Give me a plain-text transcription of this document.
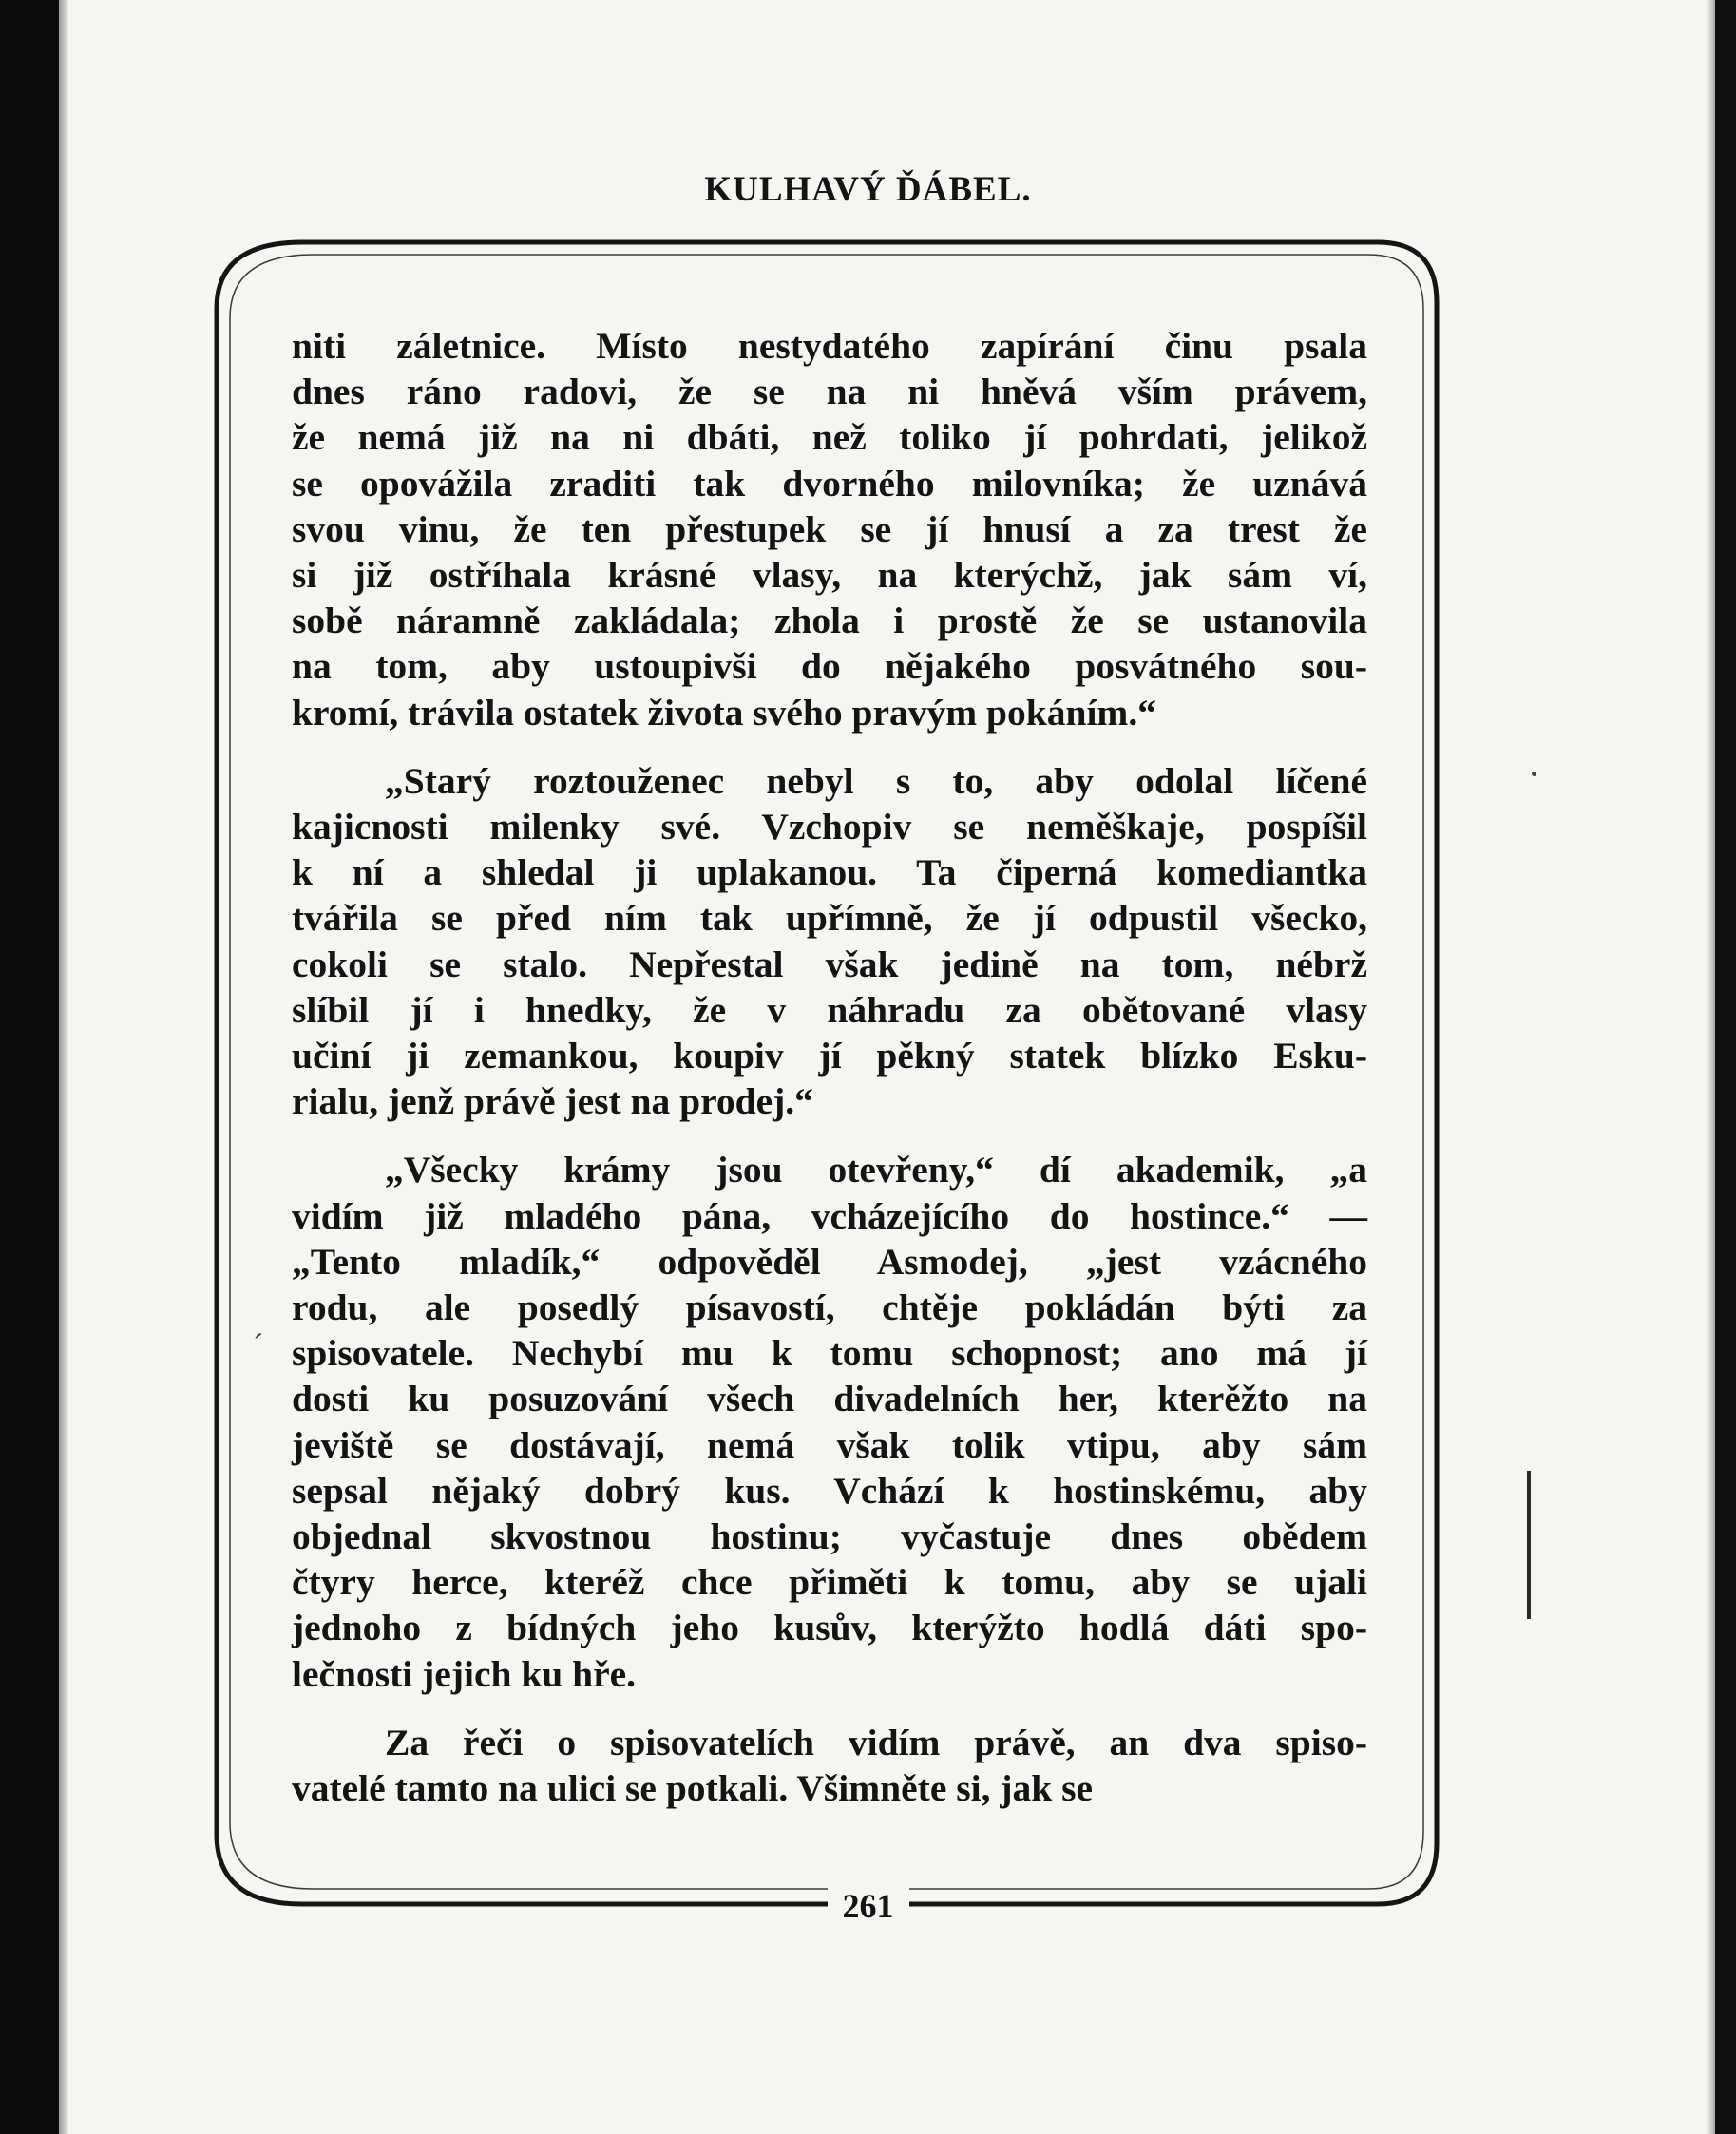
KULHAVÝ ĎÁBEL.
niti záletnice. Místo nestydatého zapírání činu psala
dnes ráno radovi, že se na ni hněvá vším právem,
že nemá již na ni dbáti, než toliko jí pohrdati, jelikož
se opovážila zraditi tak dvorného milovníka; že uznává
svou vinu, že ten přestupek se jí hnusí a za trest že
si již ostříhala krásné vlasy, na kterýchž, jak sám ví,
sobě náramně zakládala; zhola i prostě že se ustanovila
na tom, aby ustoupivši do nějakého posvátného sou-
kromí, trávila ostatek života svého pravým pokáním.“
„Starý roztouženec nebyl s to, aby odolal líčené
kajicnosti milenky své. Vzchopiv se neměškaje, pospíšil
k ní a shledal ji uplakanou. Ta čiperná komediantka
tvářila se před ním tak upřímně, že jí odpustil všecko,
cokoli se stalo. Nepřestal však jedině na tom, nébrž
slíbil jí i hnedky, že v náhradu za obětované vlasy
učiní ji zemankou, koupiv jí pěkný statek blízko Esku-
rialu, jenž právě jest na prodej.“
„Všecky krámy jsou otevřeny,“ dí akademik, „a
vidím již mladého pána, vcházejícího do hostince.“ —
„Tento mladík,“ odpověděl Asmodej, „jest vzácného
rodu, ale posedlý písavostí, chtěje pokládán býti za
spisovatele. Nechybí mu k tomu schopnost; ano má jí
dosti ku posuzování všech divadelních her, kterěžto na
jeviště se dostávají, nemá však tolik vtipu, aby sám
sepsal nějaký dobrý kus. Vchází k hostinskému, aby
objednal skvostnou hostinu; vyčastuje dnes obědem
čtyry herce, kteréž chce přiměti k tomu, aby se ujali
jednoho z bídných jeho kusův, kterýžto hodlá dáti spo-
lečnosti jejich ku hře.
Za řeči o spisovatelích vidím právě, an dva spiso-
vatelé tamto na ulici se potkali. Všimněte si, jak se
261
´
